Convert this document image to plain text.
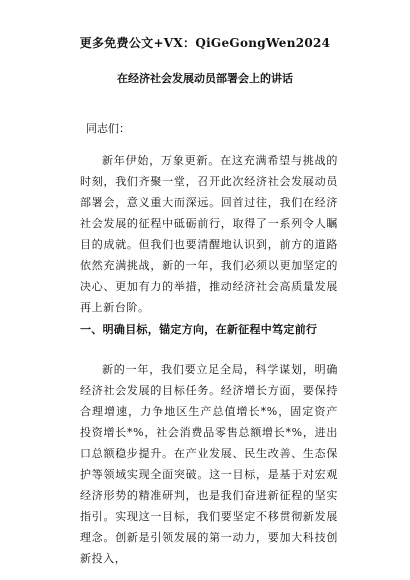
更多免费公文+VX：QiGeGongWen2024
在经济社会发展动员部署会上的讲话
同志们：
新年伊始，万象更新。在这充满希望与挑战的时刻，我们齐聚一堂，召开此次经济社会发展动员部署会，意义重大而深远。回首过往，我们在经济社会发展的征程中砥砺前行，取得了一系列令人瞩目的成就。但我们也要清醒地认识到，前方的道路依然充满挑战，新的一年，我们必须以更加坚定的决心、更加有力的举措，推动经济社会高质量发展再上新台阶。
一、明确目标，锚定方向，在新征程中笃定前行
新的一年，我们要立足全局，科学谋划，明确经济社会发展的目标任务。经济增长方面，要保持合理增速，力争地区生产总值增长*%，固定资产投资增长*%，社会消费品零售总额增长*%，进出口总额稳步提升。在产业发展、民生改善、生态保护等领域实现全面突破。这一目标，是基于对宏观经济形势的精准研判，也是我们奋进新征程的坚实指引。实现这一目标，我们要坚定不移贯彻新发展理念。创新是引领发展的第一动力，要加大科技创新投入，
